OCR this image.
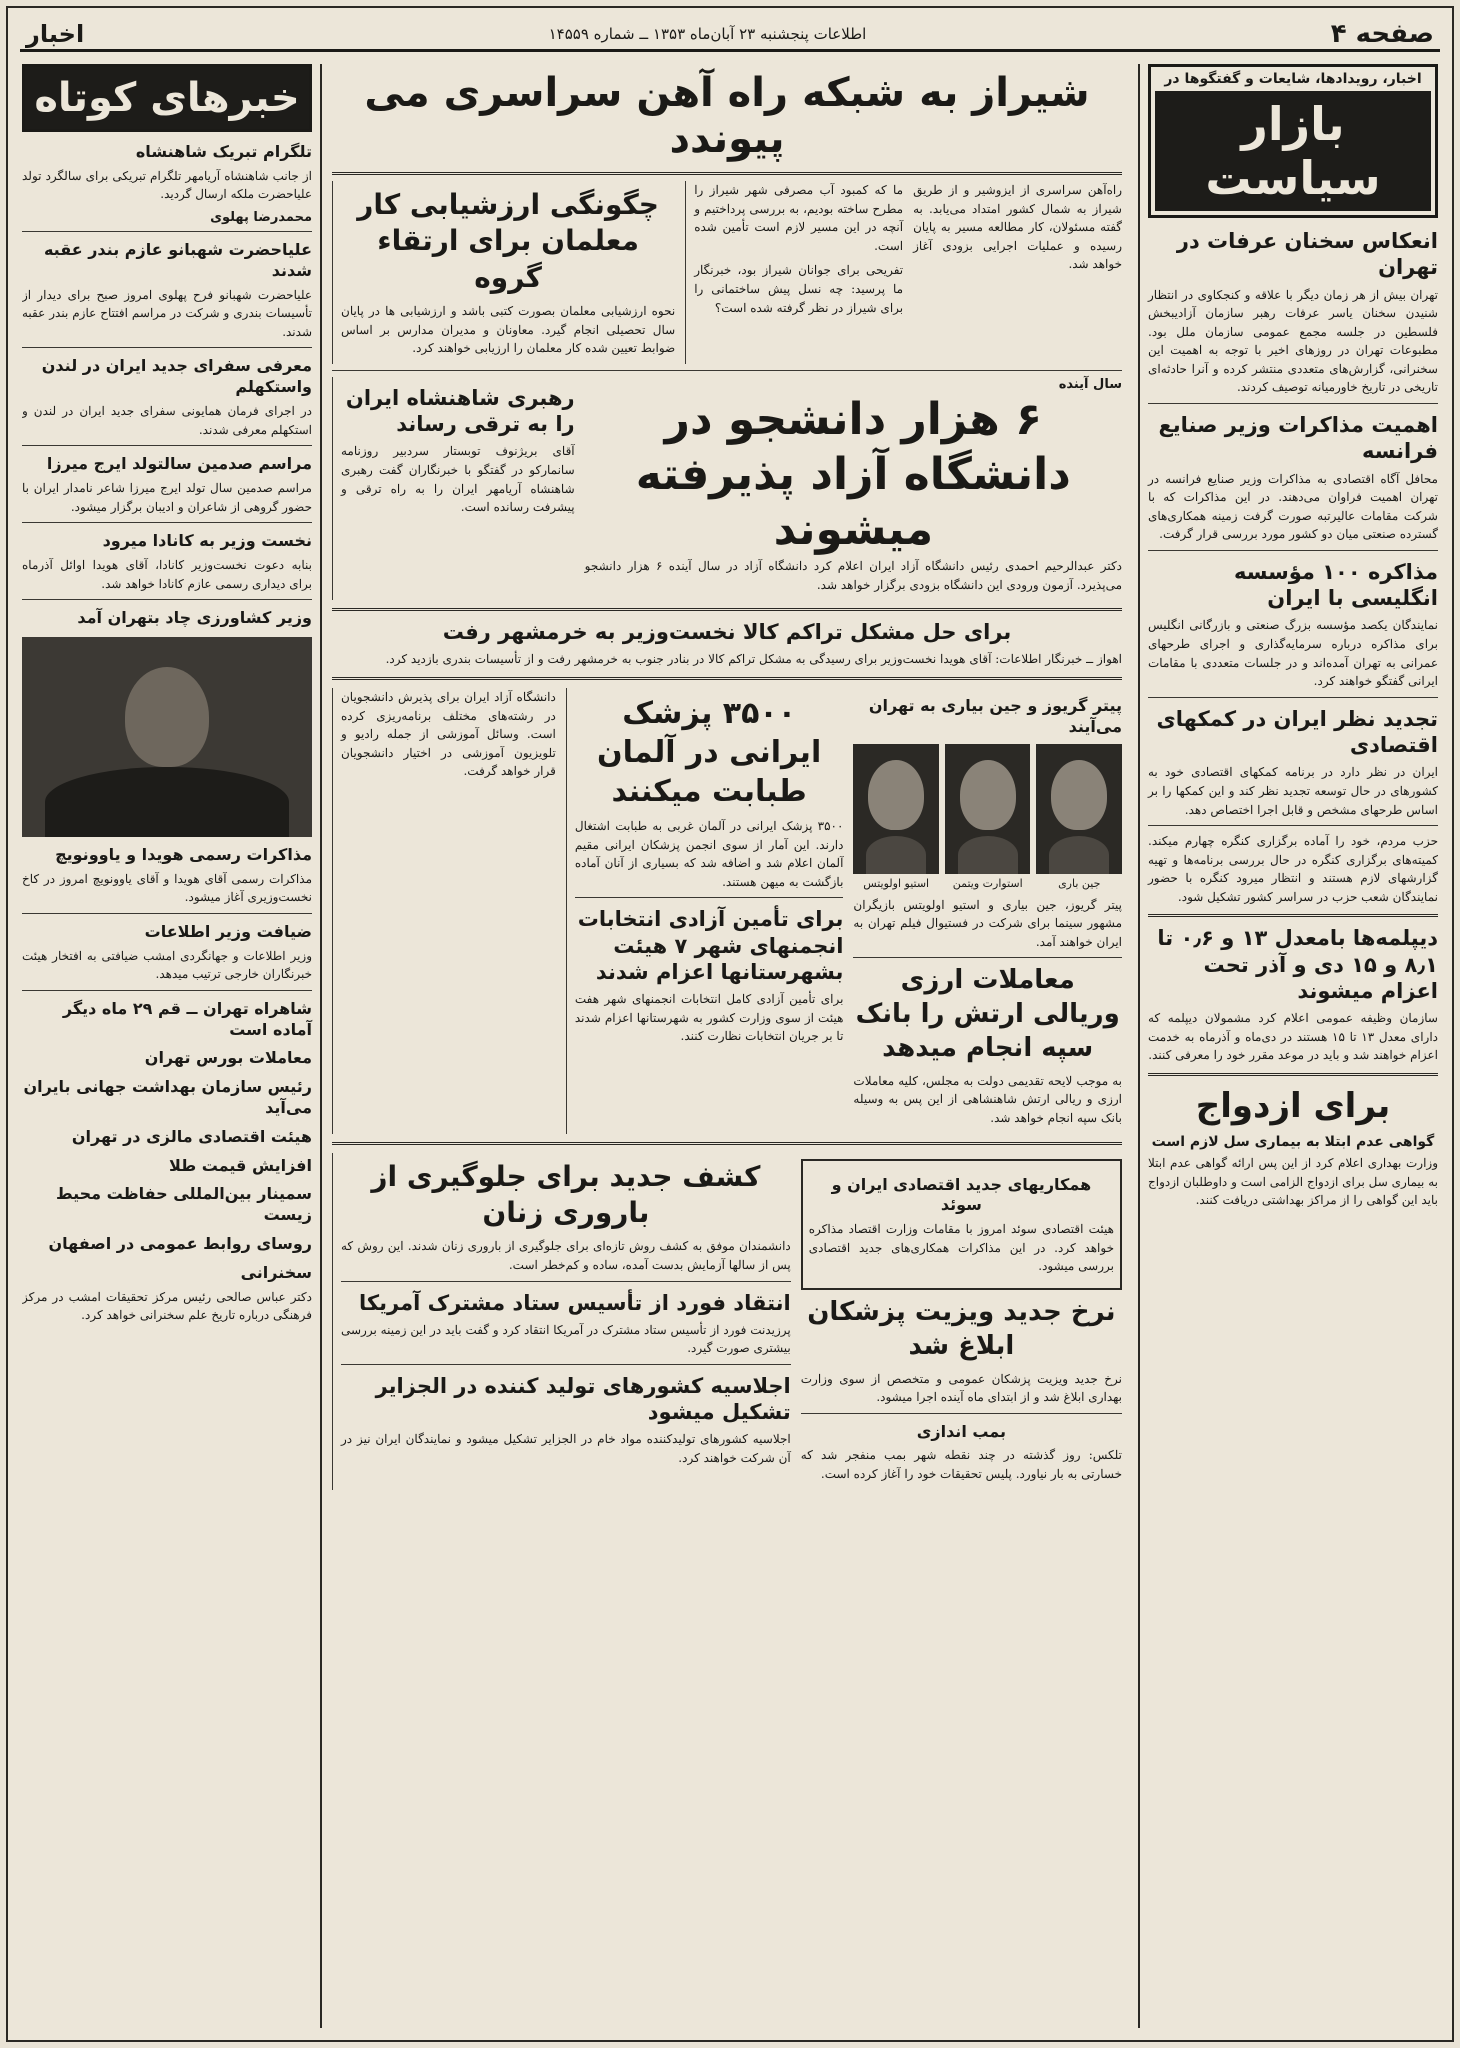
صفحه ۴
اطلاعات پنجشنبه ۲۳ آبان‌ماه ۱۳۵۳ ــ شماره ۱۴۵۵۹
اخبار
اخبار، رویدادها، شایعات و گفتگوها در
بازار سیاست
انعکاس سخنان عرفات در تهران

تهران‌ بیش‌ از هر زمان دیگر با علاقه و کنجکاوی در انتظار شنیدن سخنان یاسر عرفات رهبر سازمان آزادیبخش فلسطین در جلسه مجمع عمومی سازمان ملل بود. مطبوعات تهران در روزهای اخیر با توجه به اهمیت این سخنرانی، گزارش‌های متعددی منتشر کرده و آنرا حادثه‌ای تاریخی در تاریخ خاورمیانه توصیف کردند.

اهمیت مذاکرات وزیر صنایع فرانسه

محافل آگاه اقتصادی به مذاکرات وزیر صنایع فرانسه در تهران اهمیت فراوان می‌دهند. در این مذاکرات که با شرکت مقامات عالیرتبه صورت گرفت زمینه همکاری‌های گسترده صنعتی میان دو کشور مورد بررسی قرار گرفت.

مذاکره ۱۰۰ مؤسسه انگلیسی با ایران

نمایندگان یکصد مؤسسه بزرگ صنعتی و بازرگانی انگلیس برای مذاکره درباره سرمایه‌گذاری و اجرای طرحهای عمرانی به تهران آمده‌اند و در جلسات متعددی با مقامات ایرانی گفتگو خواهند کرد.

تجدید نظر ایران در کمکهای اقتصادی

ایران در نظر دارد در برنامه کمکهای اقتصادی خود به کشورهای در حال توسعه تجدید نظر کند و این کمکها را بر اساس طرحهای مشخص و قابل اجرا اختصاص دهد.

حزب مردم، خود را آماده برگزاری کنگره چهارم میکند. کمیته‌های برگزاری کنگره در حال بررسی برنامه‌ها و تهیه گزارشهای لازم هستند و انتظار میرود کنگره با حضور نمایندگان شعب حزب در سراسر کشور تشکیل شود.

دیپلمه‌ها بامعدل ۱۳ و ۰٫۶ تا ۸٫۱ و ۱۵ دی و آذر تحت اعزام میشوند

سازمان وظیفه عمومی اعلام کرد مشمولان دیپلمه که دارای معدل ۱۳ تا ۱۵ هستند در دی‌ماه و آذرماه به خدمت اعزام خواهند شد و باید در موعد مقرر خود را معرفی کنند.

برای ازدواج
گواهی عدم ابتلا به بیماری سل لازم است

وزارت بهداری اعلام کرد از این پس ارائه گواهی عدم ابتلا به بیماری سل برای ازدواج الزامی است و داوطلبان ازدواج باید این گواهی را از مراکز بهداشتی دریافت کنند.

شیراز به شبکه راه آهن سراسری می پیوندد

راه‌آهن سراسری از ایزوشیر و از طریق شیراز به شمال کشور امتداد می‌یابد. به گفته مسئولان، کار مطالعه مسیر به پایان رسیده و عملیات اجرایی بزودی آغاز خواهد شد.

ما که کمبود آب مصرفی شهر شیراز را مطرح ساخته بودیم، به بررسی پرداختیم و آنچه در این مسیر لازم است تأمین شده است.

تفریحی برای جوانان شیراز بود، خبرنگار ما پرسید: چه نسل پیش ساختمانی را برای شیراز در نظر گرفته شده است؟

چگونگی ارزشیابی کار معلمان برای ارتقاء گروه

نحوه ارزشیابی معلمان بصورت کتبی باشد و ارزشیابی ها در پایان سال تحصیلی انجام گیرد. معاونان و مدیران مدارس بر اساس ضوابط تعیین شده کار معلمان را ارزیابی خواهند کرد.

سال آینده
۶ هزار دانشجو در دانشگاه آزاد پذیرفته میشوند

دکتر عبدالرحیم احمدی رئیس دانشگاه آزاد ایران اعلام کرد دانشگاه آزاد در سال آینده ۶ هزار دانشجو می‌پذیرد. آزمون ورودی این دانشگاه بزودی برگزار خواهد شد.

رهبری شاهنشاه ایران را به ترقی رساند

آقای بریژنوف توبستار سردبیر روزنامه سانمارکو در گفتگو با خبرنگاران گفت رهبری شاهنشاه آریامهر ایران را به راه ترقی و پیشرفت رسانده است.

برای حل مشکل تراکم کالا نخست‌وزیر به خرمشهر رفت

اهواز ــ خبرنگار اطلاعات: آقای هویدا نخست‌وزیر برای رسیدگی به مشکل تراکم کالا در بنادر جنوب به خرمشهر رفت و از تأسیسات بندری بازدید کرد.

پیتر گریوز و جین بیاری به تهران می‌آیند
جین باری
استوارت ویتمن
استیو اولویتس

پیتر گریوز، جین بیاری و استیو اولویتس بازیگران مشهور سینما برای شرکت در فستیوال فیلم تهران به ایران خواهند آمد.

معاملات ارزی وریالی ارتش را بانک سپه انجام میدهد

به موجب لایحه تقدیمی دولت به مجلس، کلیه معاملات ارزی و ریالی ارتش شاهنشاهی از این پس به وسیله بانک سپه انجام خواهد شد.

۳۵۰۰ پزشک ایرانی در آلمان طبابت میکنند

۳۵۰۰ پزشک ایرانی در آلمان غربی به طبابت اشتغال دارند. این آمار از سوی انجمن پزشکان ایرانی مقیم آلمان اعلام شد و اضافه شد که بسیاری از آنان آماده بازگشت به میهن هستند.

برای تأمین آزادی انتخابات انجمنهای شهر ۷ هیئت بشهرستانها اعزام شدند

برای تأمین آزادی کامل انتخابات انجمنهای شهر هفت هیئت از سوی وزارت کشور به شهرستانها اعزام شدند تا بر جریان انتخابات نظارت کنند.

دانشگاه آزاد ایران برای پذیرش دانشجویان در رشته‌های مختلف برنامه‌ریزی کرده است. وسائل آموزشی از جمله رادیو و تلویزیون آموزشی در اختیار دانشجویان قرار خواهد گرفت.

همکاریهای جدید اقتصادی ایران و سوئد

هیئت اقتصادی سوئد امروز با مقامات وزارت اقتصاد مذاکره خواهد کرد. در این مذاکرات همکاری‌های جدید اقتصادی بررسی میشود.

نرخ جدید ویزیت پزشکان ابلاغ شد

نرخ جدید ویزیت پزشکان عمومی و متخصص از سوی وزارت بهداری ابلاغ شد و از ابتدای ماه آینده اجرا میشود.

بمب اندازی

تلکس: روز گذشته در چند نقطه شهر بمب منفجر شد که خسارتی به بار نیاورد. پلیس تحقیقات خود را آغاز کرده است.

کشف جدید برای جلوگیری از باروری زنان

دانشمندان موفق به کشف روش تازه‌ای برای جلوگیری از باروری زنان شدند. این روش که پس از سالها آزمایش بدست آمده، ساده و کم‌خطر است.

انتقاد فورد از تأسیس ستاد مشترک آمریکا

پرزیدنت فورد از تأسیس ستاد مشترک در آمریکا انتقاد کرد و گفت باید در این زمینه بررسی بیشتری صورت گیرد.

اجلاسیه کشورهای تولید کننده در الجزایر تشکیل میشود

اجلاسیه کشورهای تولیدکننده مواد خام در الجزایر تشکیل میشود و نمایندگان ایران نیز در آن شرکت خواهند کرد.

خبرهای کوتاه
تلگرام تبریک شاهنشاه

از جانب شاهنشاه آریامهر تلگرام تبریکی برای سالگرد تولد علیاحضرت ملکه ارسال گردید.

محمدرضا پهلوی
علیاحضرت شهبانو عازم بندر عقبه شدند

علیاحضرت شهبانو فرح پهلوی امروز صبح برای دیدار از تأسیسات بندری و شرکت در مراسم افتتاح عازم بندر عقبه شدند.

معرفی سفرای جدید ایران در لندن واستکهلم

در اجرای فرمان همایونی سفرای جدید ایران در لندن و استکهلم معرفی شدند.

مراسم صدمین سالتولد ایرج میرزا

مراسم صدمین سال تولد ایرج میرزا شاعر نامدار ایران با حضور گروهی از شاعران و ادیبان برگزار میشود.

نخست وزیر به کانادا میرود

بنابه دعوت نخست‌وزیر کانادا، آقای هویدا اوائل آذرماه برای دیداری رسمی عازم کانادا خواهد شد.

وزیر کشاورزی چاد بتهران آمد
مذاکرات رسمی هویدا و یاوونویچ

مذاکرات رسمی آقای هویدا و آقای یاوونویچ امروز در کاخ نخست‌وزیری آغاز میشود.

ضیافت وزیر اطلاعات

وزیر اطلاعات و جهانگردی امشب ضیافتی به افتخار هیئت خبرنگاران خارجی ترتیب میدهد.

شاهراه تهران ــ قم ۲۹ ماه دیگر آماده است
معاملات بورس تهران
رئیس سازمان بهداشت جهانی بایران می‌آید
هیئت اقتصادی مالزی در تهران
افزایش قیمت طلا
سمینار بین‌المللی حفاظت محیط زیست
روسای روابط عمومی در اصفهان
سخنرانی

دکتر عباس صالحی رئیس مرکز تحقیقات امشب در مرکز فرهنگی درباره تاریخ علم سخنرانی خواهد کرد.
